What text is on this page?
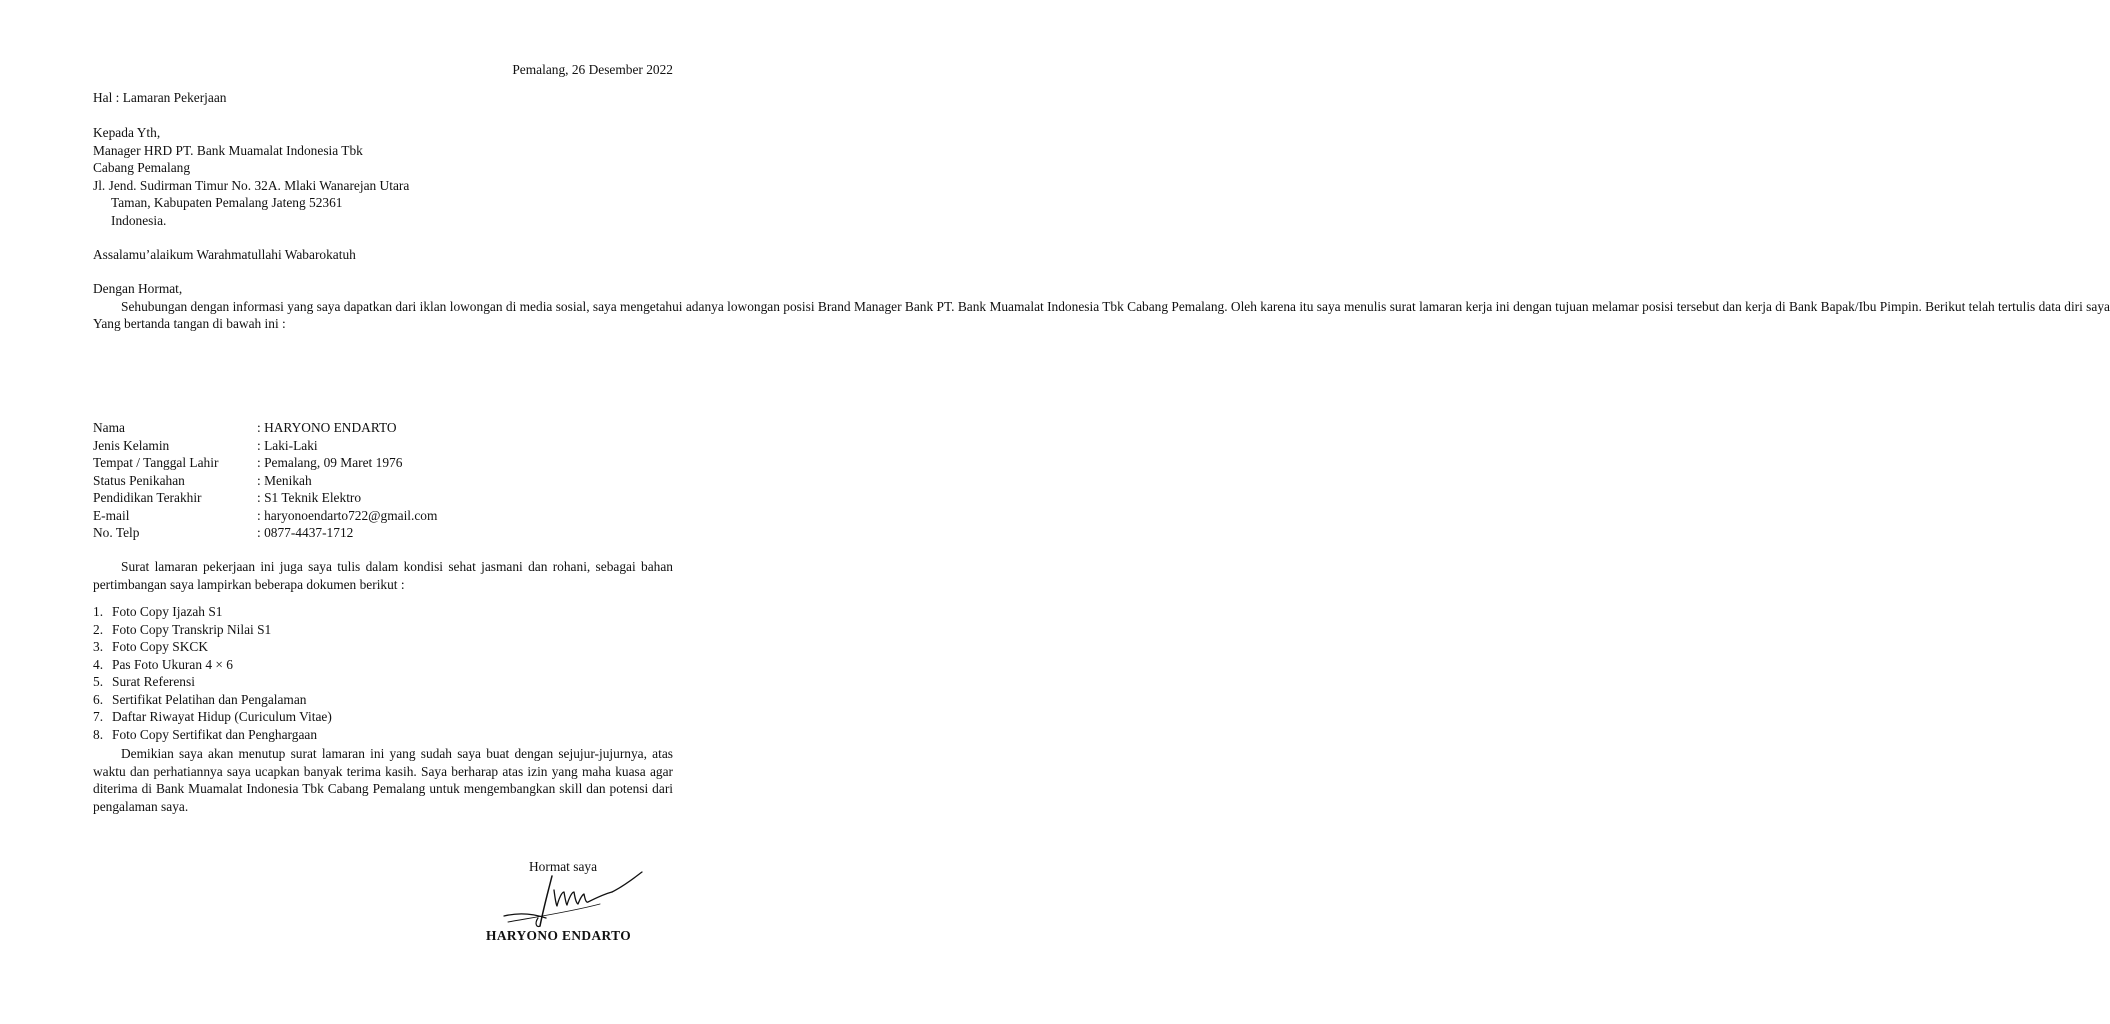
Pemalang, 26 Desember 2022
Hal : Lamaran Pekerjaan
Kepada Yth,
Manager HRD PT. Bank Muamalat Indonesia Tbk
Cabang Pemalang
Jl. Jend. Sudirman Timur No. 32A. Mlaki Wanarejan Utara
Taman, Kabupaten Pemalang Jateng 52361
Indonesia.
Assalamu’alaikum Warahmatullahi Wabarokatuh
Dengan Hormat,
Sehubungan dengan informasi yang saya dapatkan dari iklan lowongan di media sosial, saya mengetahui adanya lowongan posisi Brand Manager Bank PT. Bank Muamalat Indonesia Tbk Cabang Pemalang. Oleh karena itu saya menulis surat lamaran kerja ini dengan tujuan melamar posisi tersebut dan kerja di Bank Bapak/Ibu Pimpin. Berikut telah tertulis data diri saya
Yang bertanda tangan di bawah ini :
Nama	: HARYONO ENDARTO
Jenis Kelamin	: Laki-Laki
Tempat / Tanggal Lahir	: Pemalang, 09 Maret 1976
Status Penikahan	: Menikah
Pendidikan Terakhir	: S1 Teknik Elektro
E-mail	: haryonoendarto722@gmail.com
No. Telp	: 0877-4437-1712
Surat lamaran pekerjaan ini juga saya tulis dalam kondisi sehat jasmani dan rohani, sebagai bahan pertimbangan saya lampirkan beberapa dokumen berikut :
1. Foto Copy Ijazah S1
2. Foto Copy Transkrip Nilai S1
3. Foto Copy SKCK
4. Pas Foto Ukuran 4 × 6
5. Surat Referensi
6. Sertifikat Pelatihan dan Pengalaman
7. Daftar Riwayat Hidup (Curiculum Vitae)
8. Foto Copy Sertifikat dan Penghargaan
Demikian saya akan menutup surat lamaran ini yang sudah saya buat dengan sejujur-jujurnya, atas waktu dan perhatiannya saya ucapkan banyak terima kasih. Saya berharap atas izin yang maha kuasa agar diterima di Bank Muamalat Indonesia Tbk Cabang Pemalang untuk mengembangkan skill dan potensi dari pengalaman saya.
Hormat saya
HARYONO ENDARTO
